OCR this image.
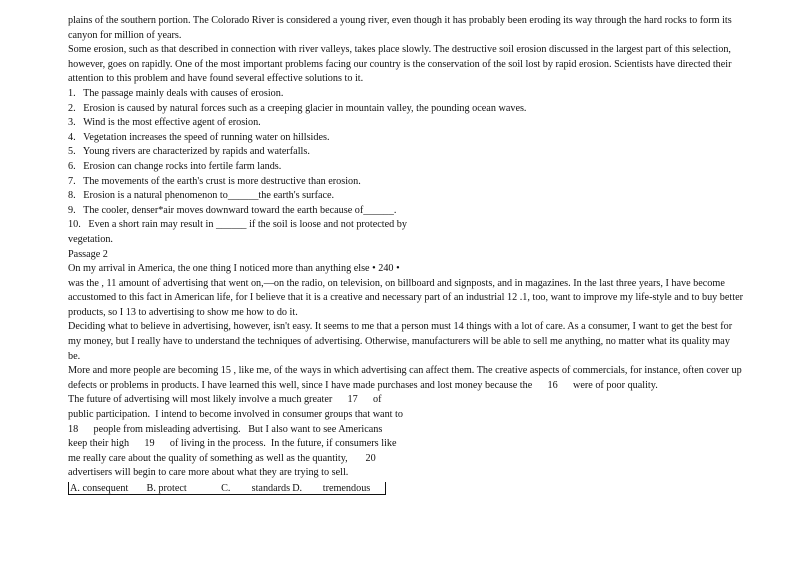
plains of the southern portion. The Colorado River is considered a young river, even though it has probably been eroding its way through the hard rocks to form its
canyon for million of years.
Some erosion, such as that described in connection with river valleys, takes place slowly. The destructive soil erosion discussed in the largest part of this selection,
however, goes on rapidly. One of the most important problems facing our country is the conservation of the soil lost by rapid erosion. Scientists have directed their
attention to this problem and have found several effective solutions to it.
1.   The passage mainly deals with causes of erosion.
2.   Erosion is caused by natural forces such as a creeping glacier in mountain valley, the pounding ocean waves.
3.   Wind is the most effective agent of erosion.
4.   Vegetation increases the speed of running water on hillsides.
5.   Young rivers are characterized by rapids and waterfalls.
6.   Erosion can change rocks into fertile farm lands.
7.   The movements of the earth's crust is more destructive than erosion.
8.   Erosion is a natural phenomenon to______the earth's surface.
9.   The cooler, denser*air moves downward toward the earth because of______.
10.   Even a short rain may result in ______ if the soil is loose and not protected by
vegetation.
Passage 2
On my arrival in America, the one thing I noticed more than anything else • 240 •
was the , 11 amount of advertising that went on,—on the radio, on television, on billboard and signposts, and in magazines. In the last three years, I have become
accustomed to this fact in American life, for I believe that it is a creative and necessary part of an industrial 12 .1, too, want to improve my life-style and to buy better
products, so I 13 to advertising to show me how to do it.
Deciding what to believe in advertising, however, isn't easy. It seems to me that a person must 14 things with a lot of care. As a consumer, I want to get the best for
my money, but I really have to understand the techniques of advertising. Otherwise, manufacturers will be able to sell me anything, no matter what its quality may
be.
More and more people are becoming 15 , like me, of the ways in which advertising can affect them. The creative aspects of commercials, for instance, often cover up
defects or problems in products. I have learned this well, since I have made purchases and lost money because the      16      were of poor quality.
The future of advertising will most likely involve a much greater      17      of
public participation.  I intend to become involved in consumer groups that want to
18      people from misleading advertising.   But I also want to see Americans
keep their high      19      of living in the process.  In the future, if consumers like
me really care about the quality of something as well as the quantity,       20
advertisers will begin to care more about what they are trying to sell.
A. consequent B. protect	C. standards D. tremendous
